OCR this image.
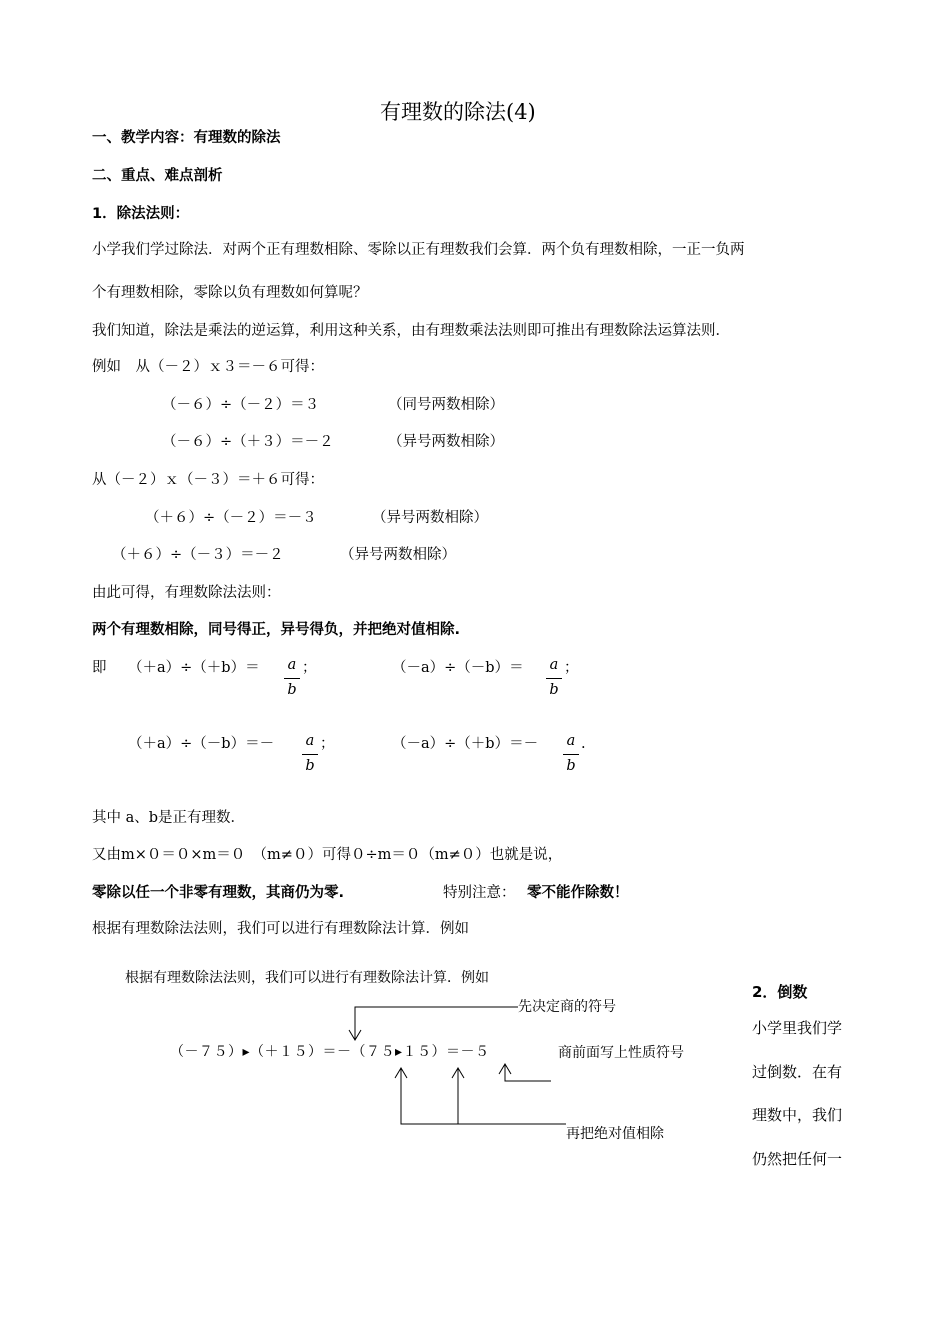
有理数的除法(4)
一、教学内容：有理数的除法
二、重点、难点剖析
1．除法法则：
小学我们学过除法．对两个正有理数相除、零除以正有理数我们会算．两个负有理数相除，一正一负两
个有理数相除，零除以负有理数如何算呢？
我们知道，除法是乘法的逆运算，利用这种关系，由有理数乘法法则即可推出有理数除法运算法则．
例如　从（－２）ｘ３＝－６可得：
（－６）÷（－２）＝３	（同号两数相除）
（－６）÷（＋３）＝－２	（异号两数相除）
从（－２）ｘ（－３）＝＋６可得：
（＋６）÷（－２）＝－３	（异号两数相除）
（＋６）÷（－３）＝－２	（异号两数相除）
由此可得，有理数除法法则：
两个有理数相除，同号得正，异号得负，并把绝对值相除.
即 （＋a）÷（＋b）＝ a
b
；	（－a）÷（－b）＝ a
b
；
（＋a）÷（－b）＝－ a
b
；	（－a）÷（＋b）＝－ a
b
.
其中 a、b是正有理数．
又由m×０＝０×m＝０　（m≠０）可得０÷m＝０（m≠０）也就是说，
零除以任一个非零有理数，其商仍为零.	特别注意： 零不能作除数！
根据有理数除法法则，我们可以进行有理数除法计算．例如
根据有理数除法法则，我们可以进行有理数除法计算．例如
先决定商的符号
（－７５）▸（＋１５）＝－（７５▸１５）＝－５	商前面写上性质符号
再把绝对值相除
2．倒数
小学里我们学
过倒数．在有
理数中，我们
仍然把任何一
